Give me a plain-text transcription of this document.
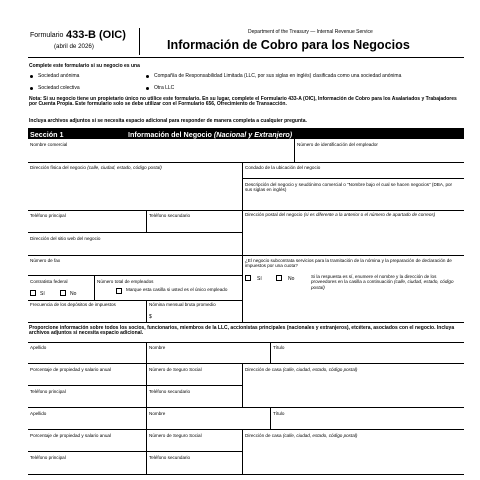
Formulario 433-B (OIC)
(abril de 2026)
Department of the Treasury — Internal Revenue Service
Información de Cobro para los Negocios
Complete este formulario si su negocio es una
Sociedad anónima	Compañía de Responsabilidad Limitada (LLC, por sus siglas en inglés) clasificada como una sociedad anónima
Sociedad colectiva	Otra LLC
Nota: Si su negocio tiene un propietario único no utilice este formulario. En su lugar, complete el Formulario 433-A (OIC), Información de Cobro para los Asalariados y Trabajadores por Cuenta Propia. Este formulario solo se debe utilizar con el Formulario 656, Ofrecimiento de Transacción.
Incluya archivos adjuntos si se necesita espacio adicional para responder de manera completa a cualquier pregunta.
Sección 1	Información del Negocio (Nacional y Extranjero)
Nombre comercial	Número de identificación del empleador
Dirección física del negocio (calle, ciudad, estado, código postal)	Condado de la ubicación del negocio
Descripción del negocio y seudónimo comercial o “Nombre bajo el cual se hacen negocios” (DBA, por sus siglas en inglés)
Teléfono principal	Teléfono secundario	Dirección postal del negocio (si es diferente a la anterior o el número de apartado de correos)
Dirección del sitio web del negocio
Número de fax	¿El negocio subcontrata servicios para la tramitación de la nómina y la preparación de declaración de impuestos por una cuota?
Sí	No	Si la respuesta es sí, enumere el nombre y la dirección de los proveedores en la casilla a continuación (calle, ciudad, estado, código postal)
Contratista federal
Sí	No
Número total de empleados
Marque esta casilla si usted es el único empleado
Frecuencia de los depósitos de impuestos	Nómina mensual bruta promedio
$
Proporcione información sobre todos los socios, funcionarios, miembros de la LLC, accionistas principales (nacionales y extranjeros), etcétera, asociados con el negocio. Incluya archivos adjuntos si necesita espacio adicional.
Apellido	Nombre	Título
Porcentaje de propiedad y salario anual	Número de Seguro Social	Dirección de casa (calle, ciudad, estado, código postal)
Teléfono principal	Teléfono secundario
Apellido	Nombre	Título
Porcentaje de propiedad y salario anual	Número de Seguro Social	Dirección de casa (calle, ciudad, estado, código postal)
Teléfono principal	Teléfono secundario
